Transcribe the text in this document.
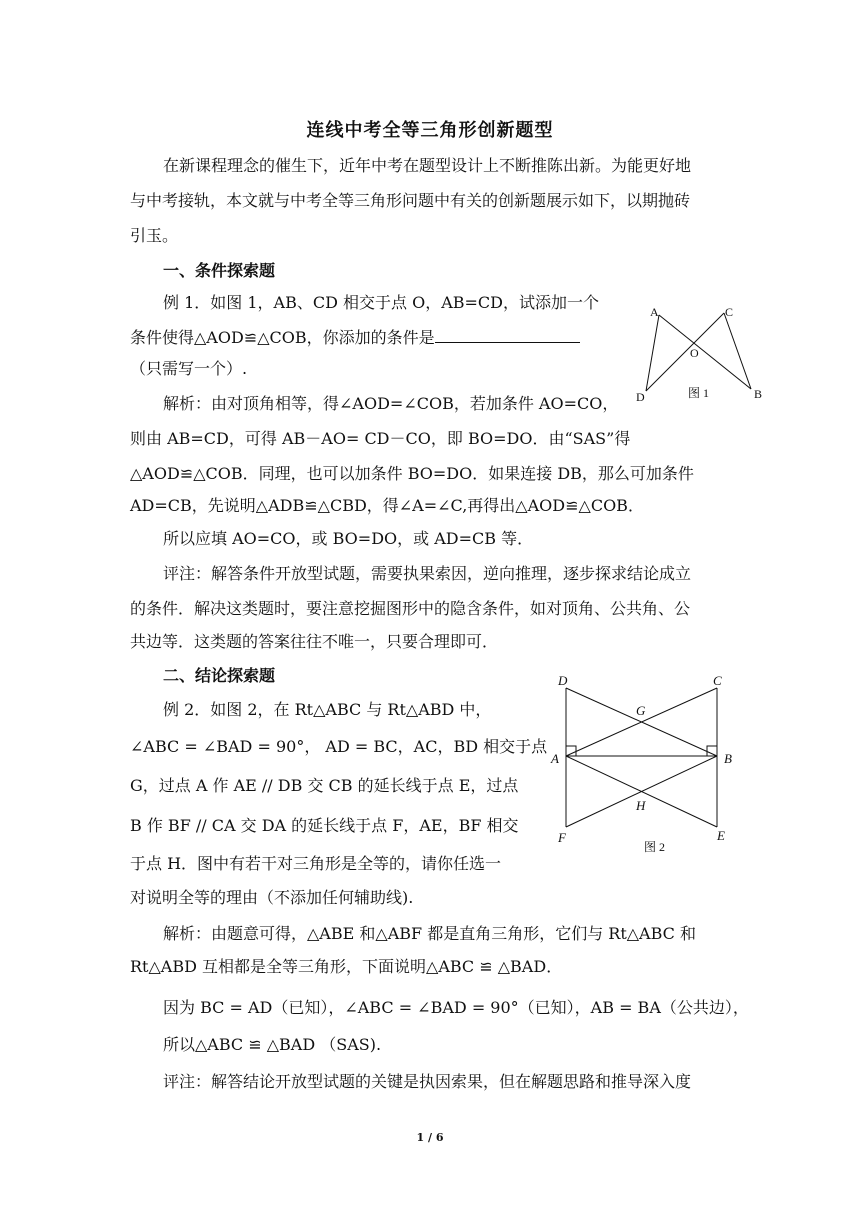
连线中考全等三角形创新题型
在新课程理念的催生下，近年中考在题型设计上不断推陈出新。为能更好地
与中考接轨，本文就与中考全等三角形问题中有关的创新题展示如下，以期抛砖
引玉。
一、条件探索题
例 1．如图 1，AB、CD 相交于点 O，AB=CD，试添加一个
条件使得△AOD≌△COB，你添加的条件是
（只需写一个）.
解析：由对顶角相等，得∠AOD=∠COB，若加条件 AO=CO，
则由 AB=CD，可得 AB－AO= CD－CO，即 BO=DO．由“SAS”得
△AOD≌△COB．同理，也可以加条件 BO=DO．如果连接 DB，那么可加条件
AD=CB，先说明△ADB≌△CBD，得∠A=∠C,再得出△AOD≌△COB．
所以应填 AO=CO，或 BO=DO，或 AD=CB 等．
评注：解答条件开放型试题，需要执果索因，逆向推理，逐步探求结论成立
的条件．解决这类题时，要注意挖掘图形中的隐含条件，如对顶角、公共角、公
共边等．这类题的答案往往不唯一，只要合理即可．
二、结论探索题
例 2．如图 2，在 Rt△ABC 与 Rt△ABD 中，
∠ABC = ∠BAD = 90°， AD = BC，AC，BD 相交于点
G，过点 A 作 AE // DB 交 CB 的延长线于点 E，过点
B 作 BF // CA 交 DA 的延长线于点 F，AE，BF 相交
于点 H．图中有若干对三角形是全等的，请你任选一
对说明全等的理由（不添加任何辅助线).
解析：由题意可得，△ABE 和△ABF 都是直角三角形，它们与 Rt△ABC 和
Rt△ABD 互相都是全等三角形，下面说明△ABC ≌ △BAD．
因为 BC = AD（已知），∠ABC = ∠BAD = 90°（已知），AB = BA（公共边），
所以△ABC ≌ △BAD （SAS).
评注：解答结论开放型试题的关键是执因索果，但在解题思路和推导深入度
A	C
O
D	B
图 1
D	C
G
A	B
H
F	E
图 2
1 / 6
